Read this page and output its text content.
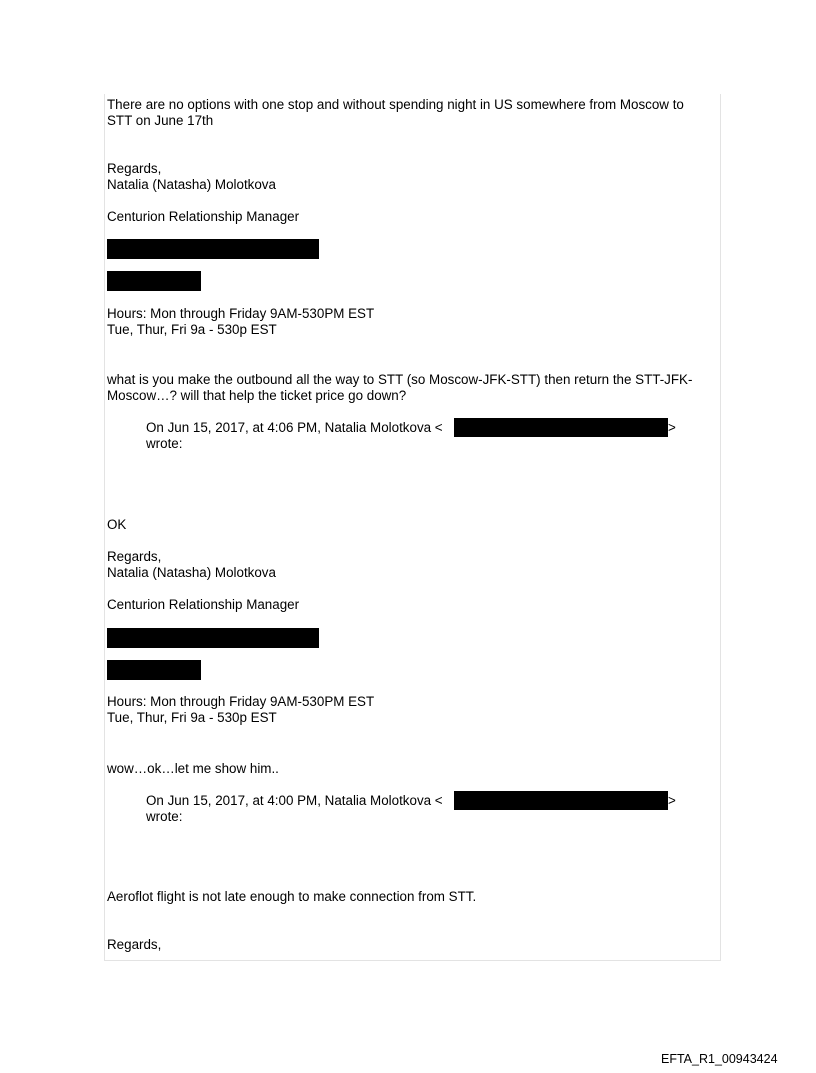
There are no options with one stop and without spending night in US somewhere from Moscow to
STT on June 17th
Regards,
Natalia (Natasha) Molotkova
Centurion Relationship Manager
Hours: Mon through Friday 9AM-530PM EST
Tue, Thur, Fri 9a - 530p EST
what is you make the outbound all the way to STT (so Moscow-JFK-STT) then return the STT-JFK-
Moscow…? will that help the ticket price go down?
On Jun 15, 2017, at 4:06 PM, Natalia Molotkova <	>
wrote:
OK
Regards,
Natalia (Natasha) Molotkova
Centurion Relationship Manager
Hours: Mon through Friday 9AM-530PM EST
Tue, Thur, Fri 9a - 530p EST
wow…ok…let me show him..
On Jun 15, 2017, at 4:00 PM, Natalia Molotkova <	>
wrote:
Aeroflot flight is not late enough to make connection from STT.
Regards,
EFTA_R1_00943424
